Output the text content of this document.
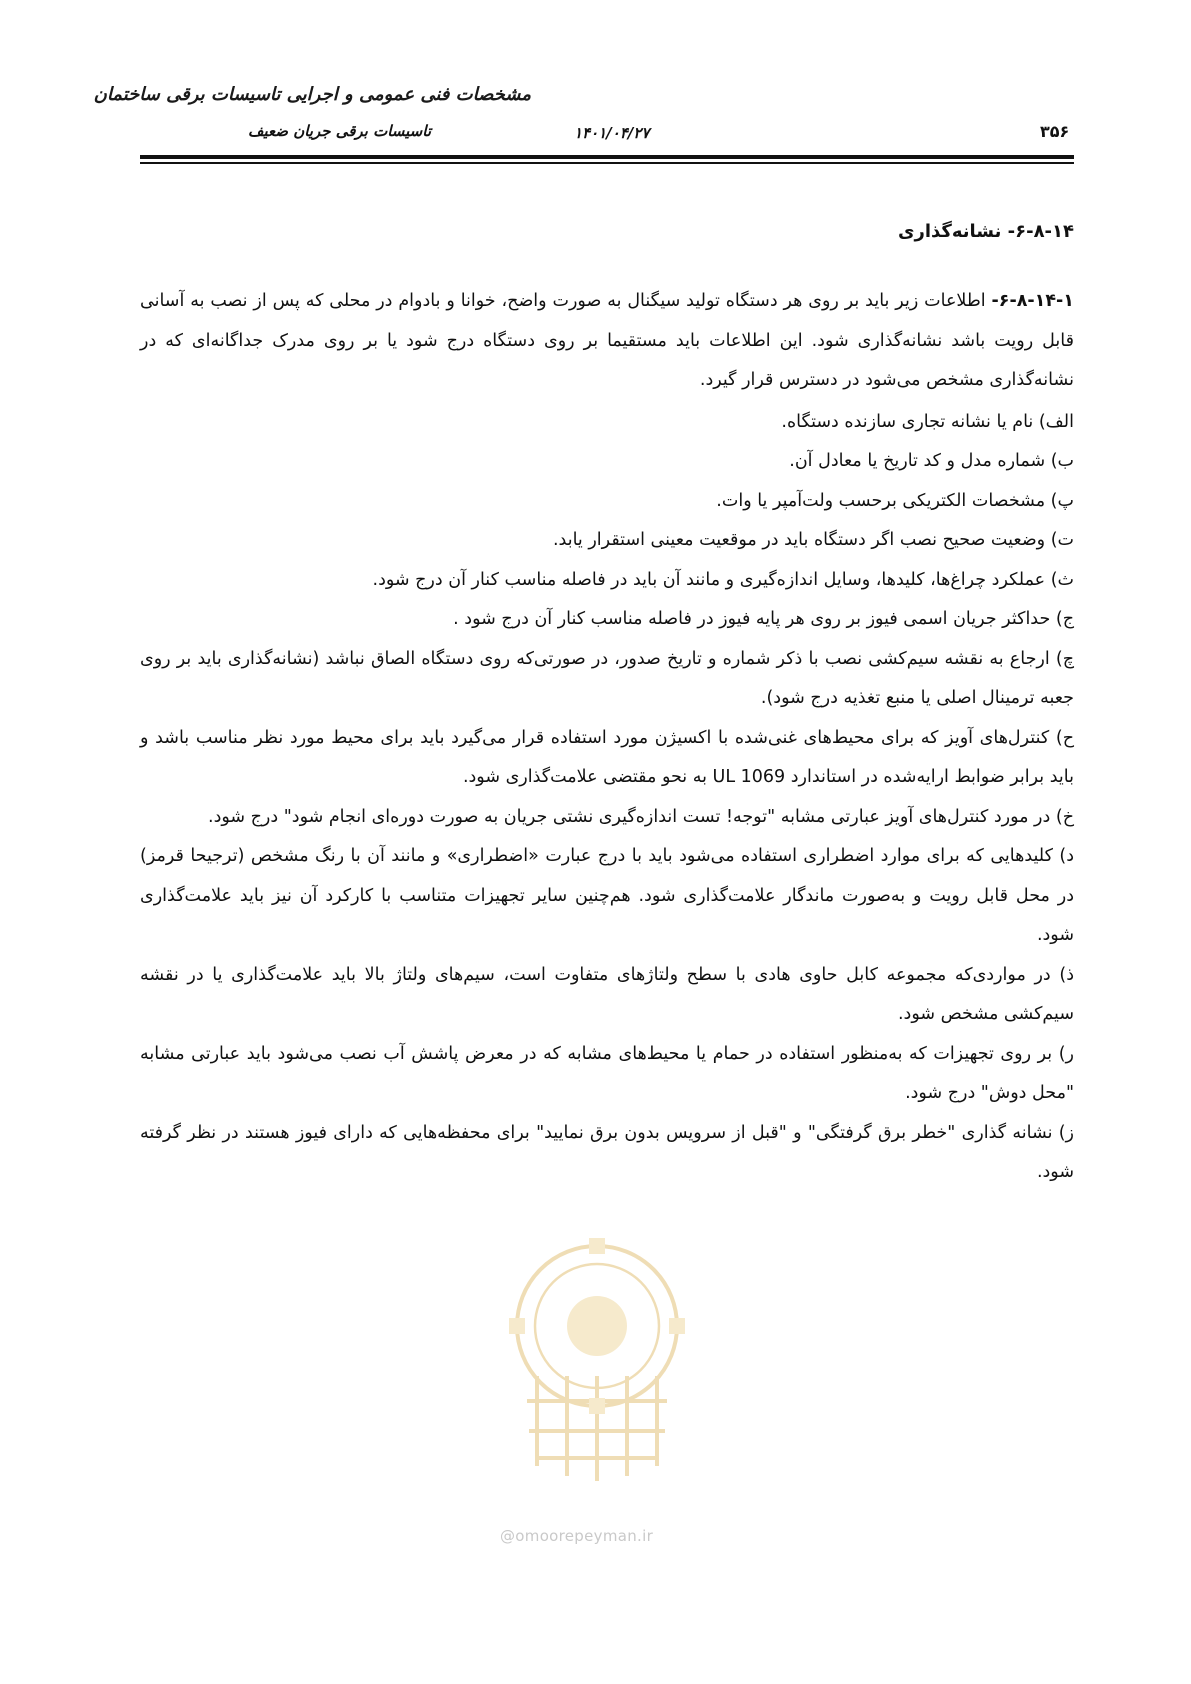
مشخصات فنی عمومی و اجرایی تاسیسات برقی ساختمان
تاسیسات برقی جریان ضعیف	۱۴۰۱/۰۴/۲۷	۳۵۶
۶-۸-۱۴- نشانه‌گذاری

۶-۸-۱۴-۱- اطلاعات زیر باید بر روی هر دستگاه تولید سیگنال به صورت واضح، خوانا و بادوام در محلی که پس از نصب به آسانی قابل رویت باشد نشانه‌گذاری شود. این اطلاعات باید مستقیما بر روی دستگاه درج شود یا بر روی مدرک جداگانه‌ای که در نشانه‌گذاری مشخص می‌شود در دسترس قرار گیرد.

الف) نام یا نشانه تجاری سازنده دستگاه.

ب) شماره مدل و کد تاریخ یا معادل آن.

پ) مشخصات الکتریکی برحسب ولت‌آمپر یا وات.

ت) وضعیت صحیح نصب اگر دستگاه باید در موقعیت معینی استقرار یابد.

ث) عملکرد چراغ‌ها، کلیدها، وسایل اندازه‌گیری و مانند آن باید در فاصله مناسب کنار آن درج شود.

ج) حداکثر جریان اسمی فیوز بر روی هر پایه فیوز در فاصله مناسب کنار آن درج شود .

چ) ارجاع به نقشه سیم‌کشی نصب با ذکر شماره و تاریخ صدور، در صورتی‌که روی دستگاه الصاق نباشد (نشانه‌گذاری باید بر روی جعبه ترمینال اصلی یا منبع تغذیه درج شود).

ح) کنترل‌های آویز که برای محیط‌های غنی‌شده با اکسیژن مورد استفاده قرار می‌گیرد باید برای محیط مورد نظر مناسب باشد و باید برابر ضوابط ارایه‌شده در استاندارد UL 1069 به نحو مقتضی علامت‌گذاری شود.

خ) در مورد کنترل‌های آویز عبارتی مشابه "توجه! تست اندازه‌گیری نشتی جریان به صورت دوره‌ای انجام شود" درج شود.

د) کلیدهایی که برای موارد اضطراری استفاده می‌شود باید با درج عبارت «اضطراری» و مانند آن با رنگ مشخص (ترجیحا قرمز) در محل قابل رویت و به‌صورت ماندگار علامت‌گذاری شود. هم‌چنین سایر تجهیزات متناسب با کارکرد آن نیز باید علامت‌گذاری شود.

ذ) در مواردی‌که مجموعه کابل حاوی هادی با سطح ولتاژهای متفاوت است، سیم‌های ولتاژ بالا باید علامت‌گذاری یا در نقشه سیم‌کشی مشخص شود.

ر) بر روی تجهیزات که به‌منظور استفاده در حمام یا محیط‌های مشابه که در معرض پاشش آب نصب می‌شود باید عبارتی مشابه "محل دوش" درج شود.

ز) نشانه گذاری "خطر برق گرفتگی" و "قبل از سرویس بدون برق نمایید" برای محفظه‌هایی که دارای فیوز هستند در نظر گرفته شود.

@omoorepeyman.ir
